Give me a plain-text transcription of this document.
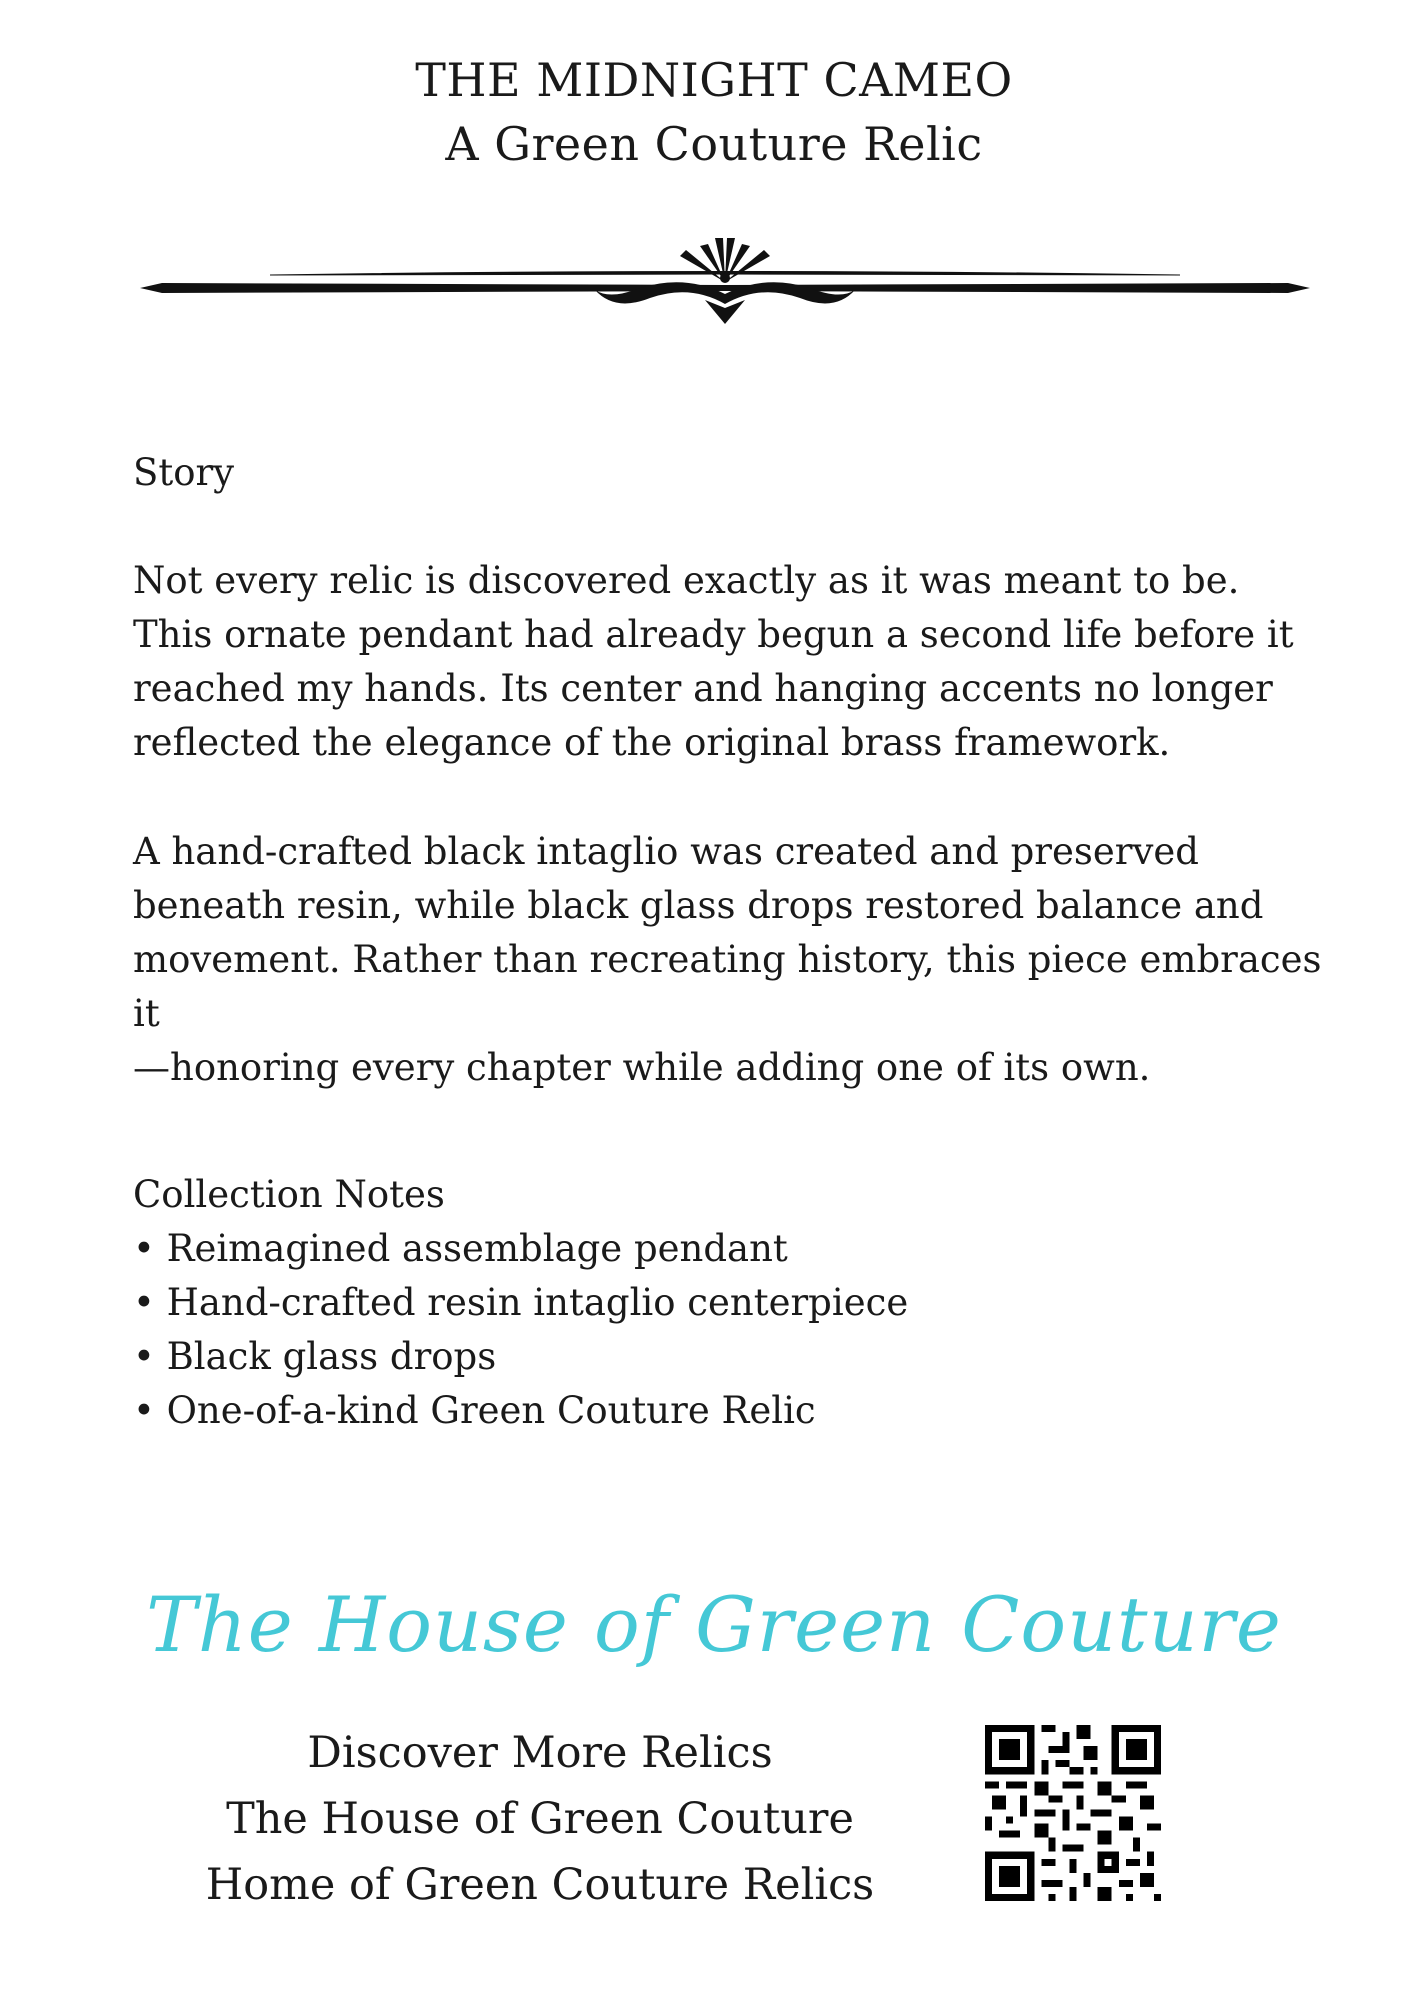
THE MIDNIGHT CAMEO
A Green Couture Relic
Story
Not every relic is discovered exactly as it was meant to be.
This ornate pendant had already begun a second life before it
reached my hands. Its center and hanging accents no longer
reflected the elegance of the original brass framework.
A hand-crafted black intaglio was created and preserved
beneath resin, while black glass drops restored balance and
movement. Rather than recreating history, this piece embraces it
—honoring every chapter while adding one of its own.
Collection Notes
• Reimagined assemblage pendant
• Hand-crafted resin intaglio centerpiece
• Black glass drops
• One-of-a-kind Green Couture Relic
The House of Green Couture
Discover More Relics
The House of Green Couture
Home of Green Couture Relics
